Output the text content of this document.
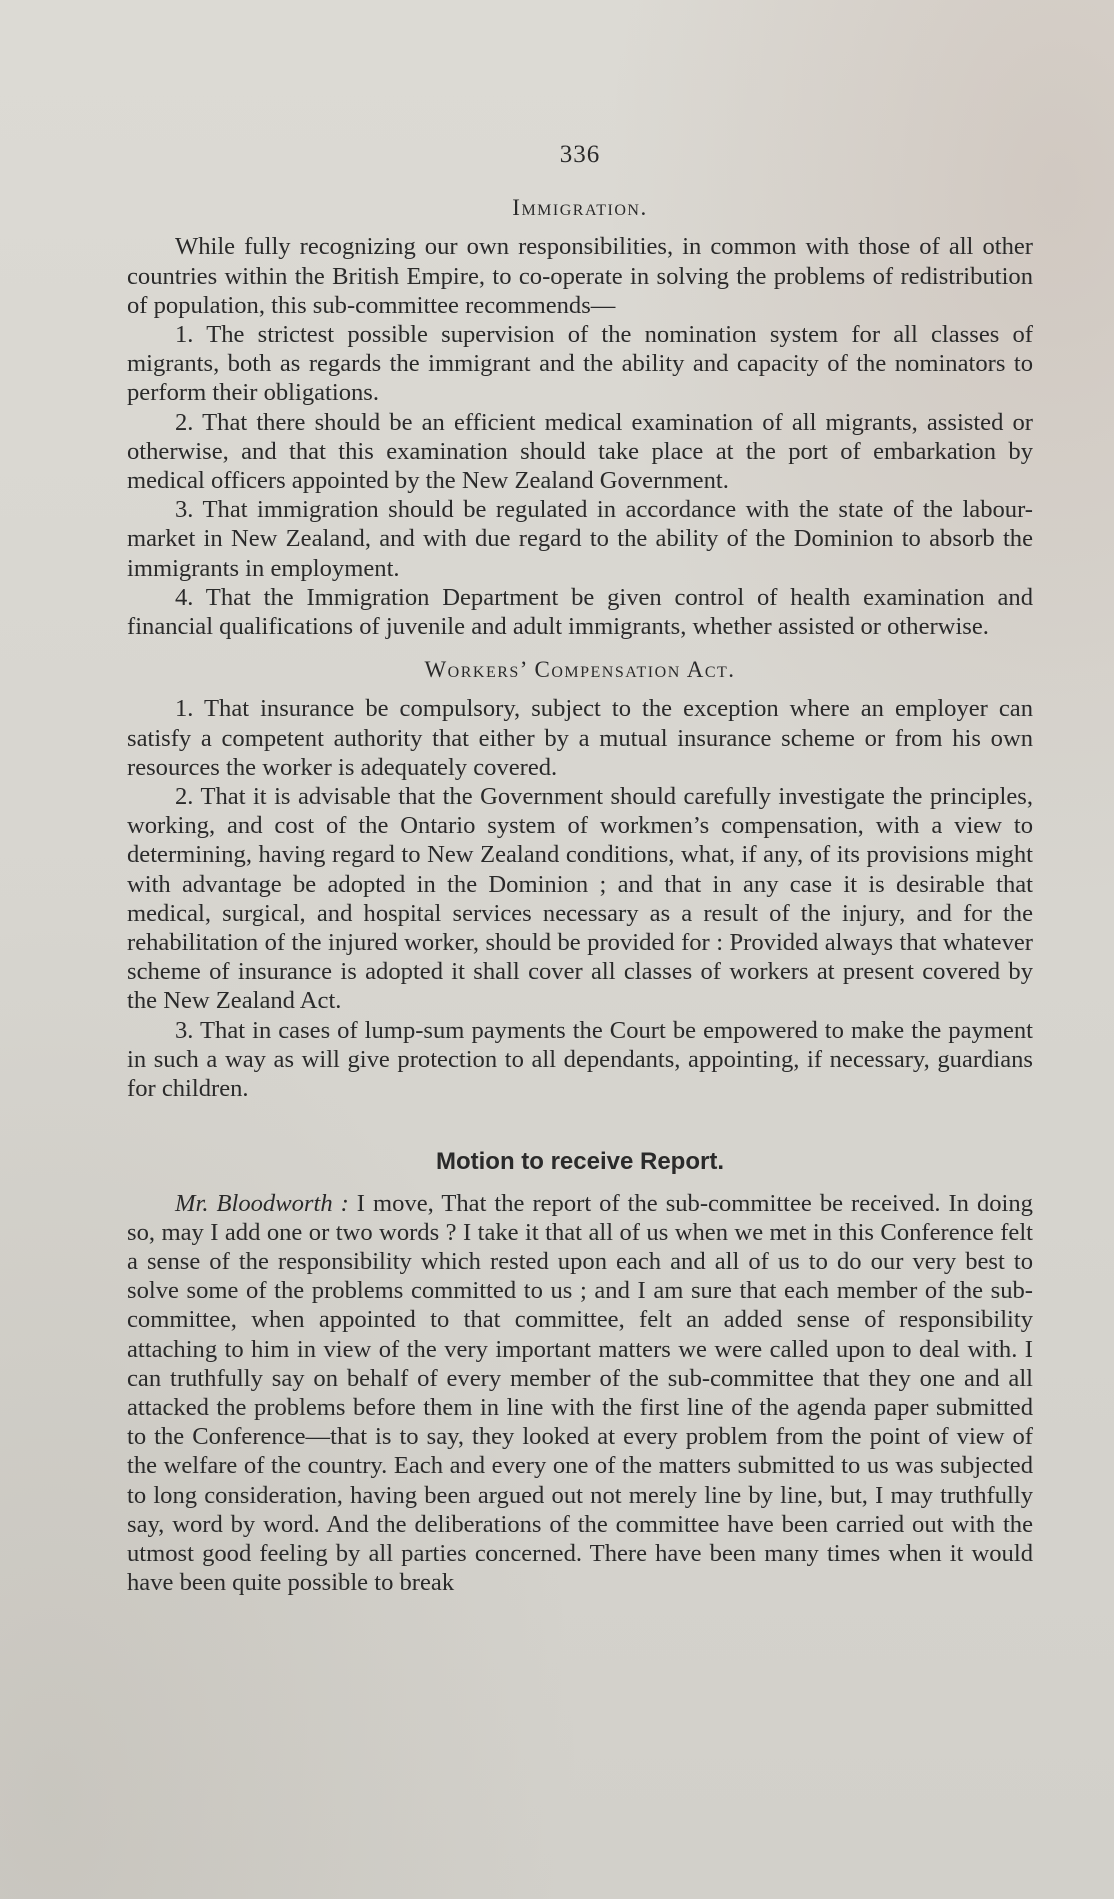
336
Immigration.

While fully recognizing our own responsibilities, in common with those of all other countries within the British Empire, to co-operate in solving the problems of redistribution of population, this sub-committee recommends—

1. The strictest possible supervision of the nomination system for all classes of migrants, both as regards the immigrant and the ability and capacity of the nominators to perform their obligations.

2. That there should be an efficient medical examination of all migrants, assisted or otherwise, and that this examination should take place at the port of embarkation by medical officers appointed by the New Zealand Government.

3. That immigration should be regulated in accordance with the state of the labour-market in New Zealand, and with due regard to the ability of the Dominion to absorb the immigrants in employment.

4. That the Immigration Department be given control of health examination and financial qualifications of juvenile and adult immigrants, whether assisted or otherwise.

Workers’ Compensation Act.

1. That insurance be compulsory, subject to the exception where an employer can satisfy a competent authority that either by a mutual insurance scheme or from his own resources the worker is adequately covered.

2. That it is advisable that the Government should carefully investigate the principles, working, and cost of the Ontario system of workmen’s compensation, with a view to determining, having regard to New Zealand conditions, what, if any, of its provisions might with advantage be adopted in the Dominion ; and that in any case it is desirable that medical, surgical, and hospital services necessary as a result of the injury, and for the rehabilitation of the injured worker, should be provided for : Provided always that whatever scheme of insurance is adopted it shall cover all classes of workers at present covered by the New Zealand Act.

3. That in cases of lump-sum payments the Court be empowered to make the payment in such a way as will give protection to all dependants, appointing, if necessary, guardians for children.

Motion to receive Report.

Mr. Bloodworth : I move, That the report of the sub-committee be received. In doing so, may I add one or two words ? I take it that all of us when we met in this Conference felt a sense of the responsibility which rested upon each and all of us to do our very best to solve some of the problems committed to us ; and I am sure that each member of the sub-committee, when appointed to that committee, felt an added sense of responsibility attaching to him in view of the very important matters we were called upon to deal with. I can truthfully say on behalf of every member of the sub-committee that they one and all attacked the problems before them in line with the first line of the agenda paper submitted to the Conference—that is to say, they looked at every problem from the point of view of the welfare of the country. Each and every one of the matters submitted to us was subjected to long consideration, having been argued out not merely line by line, but, I may truthfully say, word by word. And the deliberations of the committee have been carried out with the utmost good feeling by all parties concerned. There have been many times when it would have been quite possible to break
